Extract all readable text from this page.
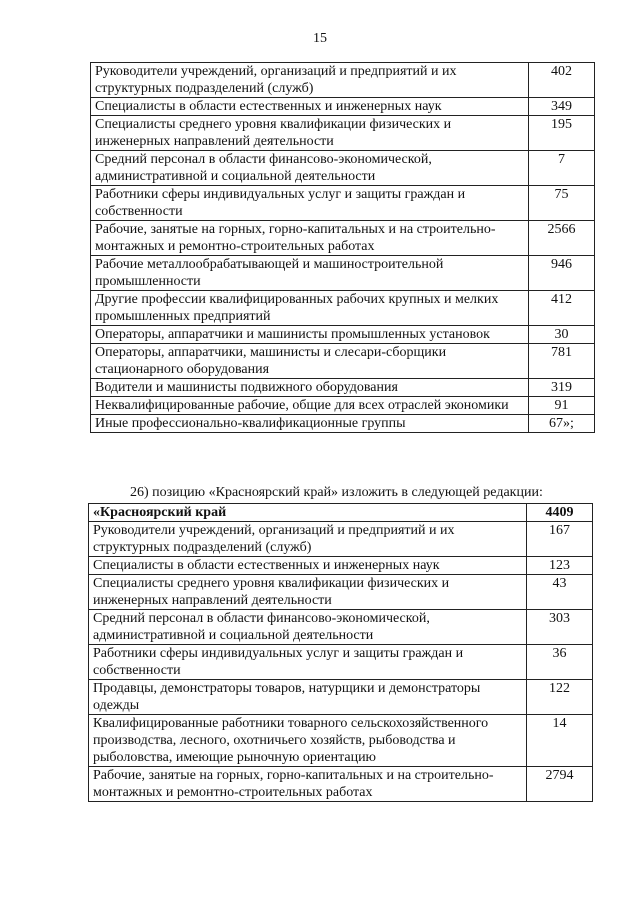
15
Руководители учреждений, организаций и предприятий и их структурных подразделений (служб)	402
Специалисты в области естественных и инженерных наук	349
Специалисты среднего уровня квалификации физических и инженерных направлений деятельности	195
Средний персонал в области финансово-экономической, административной и социальной деятельности	7
Работники сферы индивидуальных услуг и защиты граждан и собственности	75
Рабочие, занятые на горных, горно-капитальных и на строительно-монтажных и ремонтно-строительных работах	2566
Рабочие металлообрабатывающей и машиностроительной промышленности	946
Другие профессии квалифицированных рабочих крупных и мелких промышленных предприятий	412
Операторы, аппаратчики и машинисты промышленных установок	30
Операторы, аппаратчики, машинисты и слесари-сборщики стационарного оборудования	781
Водители и машинисты подвижного оборудования	319
Неквалифицированные рабочие, общие для всех отраслей экономики	91
Иные профессионально-квалификационные группы	67»;
26) позицию «Красноярский край» изложить в следующей редакции:
«Красноярский край	4409
Руководители учреждений, организаций и предприятий и их структурных подразделений (служб)	167
Специалисты в области естественных и инженерных наук	123
Специалисты среднего уровня квалификации физических и инженерных направлений деятельности	43
Средний персонал в области финансово-экономической, административной и социальной деятельности	303
Работники сферы индивидуальных услуг и защиты граждан и собственности	36
Продавцы, демонстраторы товаров, натурщики и демонстраторы одежды	122
Квалифицированные работники товарного сельскохозяйственного производства, лесного, охотничьего хозяйств, рыбоводства и рыболовства, имеющие рыночную ориентацию	14
Рабочие, занятые на горных, горно-капитальных и на строительно-монтажных и ремонтно-строительных работах	2794
